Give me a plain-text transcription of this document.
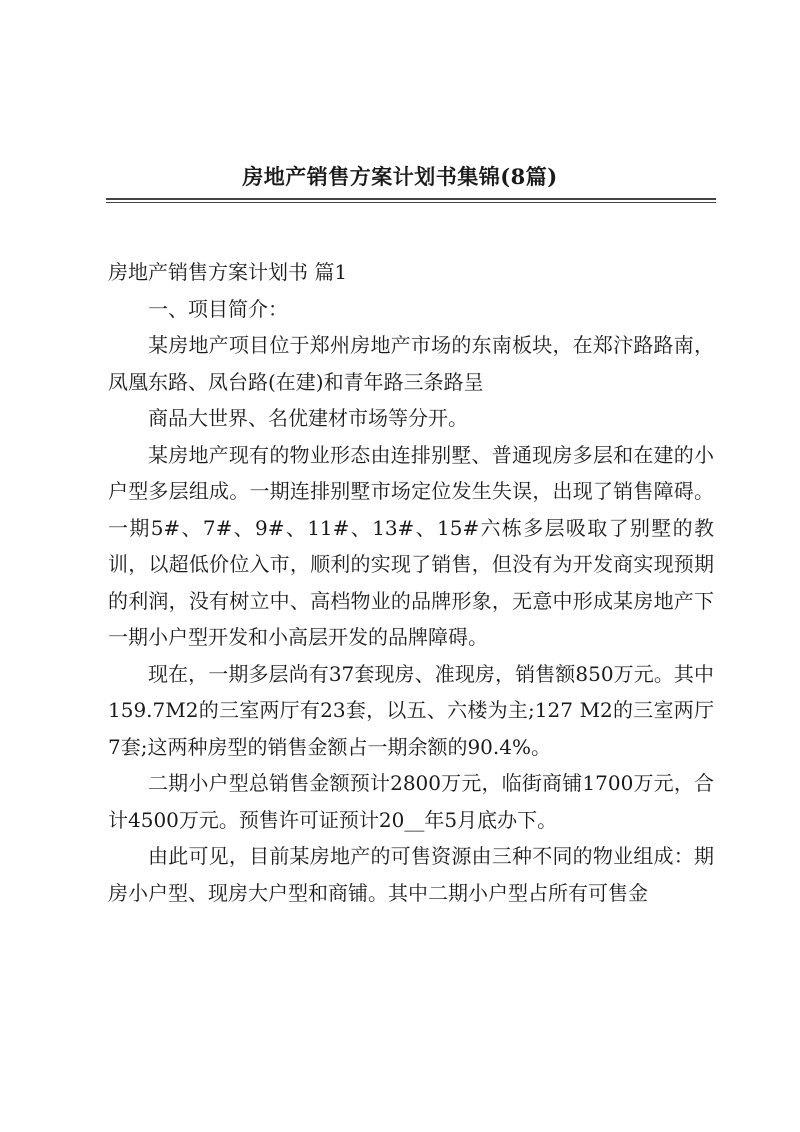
房地产销售方案计划书集锦(8篇)

房地产销售方案计划书 篇1

一、项目简介：

某房地产项目位于郑州房地产市场的东南板块，在郑汴路路南，凤凰东路、凤台路(在建)和青年路三条路呈

商品大世界、名优建材市场等分开。

某房地产现有的物业形态由连排别墅、普通现房多层和在建的小户型多层组成。一期连排别墅市场定位发生失误，出现了销售障碍。一期5#、7#、9#、11#、13#、15#六栋多层吸取了别墅的教训，以超低价位入市，顺利的实现了销售，但没有为开发商实现预期的利润，没有树立中、高档物业的品牌形象，无意中形成某房地产下一期小户型开发和小高层开发的品牌障碍。

现在，一期多层尚有37套现房、准现房，销售额850万元。其中159.7M2的三室两厅有23套，以五、六楼为主;127 M2的三室两厅7套;这两种房型的销售金额占一期余额的90.4%。

二期小户型总销售金额预计2800万元，临街商铺1700万元，合计4500万元。预售许可证预计20__年5月底办下。

由此可见，目前某房地产的可售资源由三种不同的物业组成：期房小户型、现房大户型和商铺。其中二期小户型占所有可售金
